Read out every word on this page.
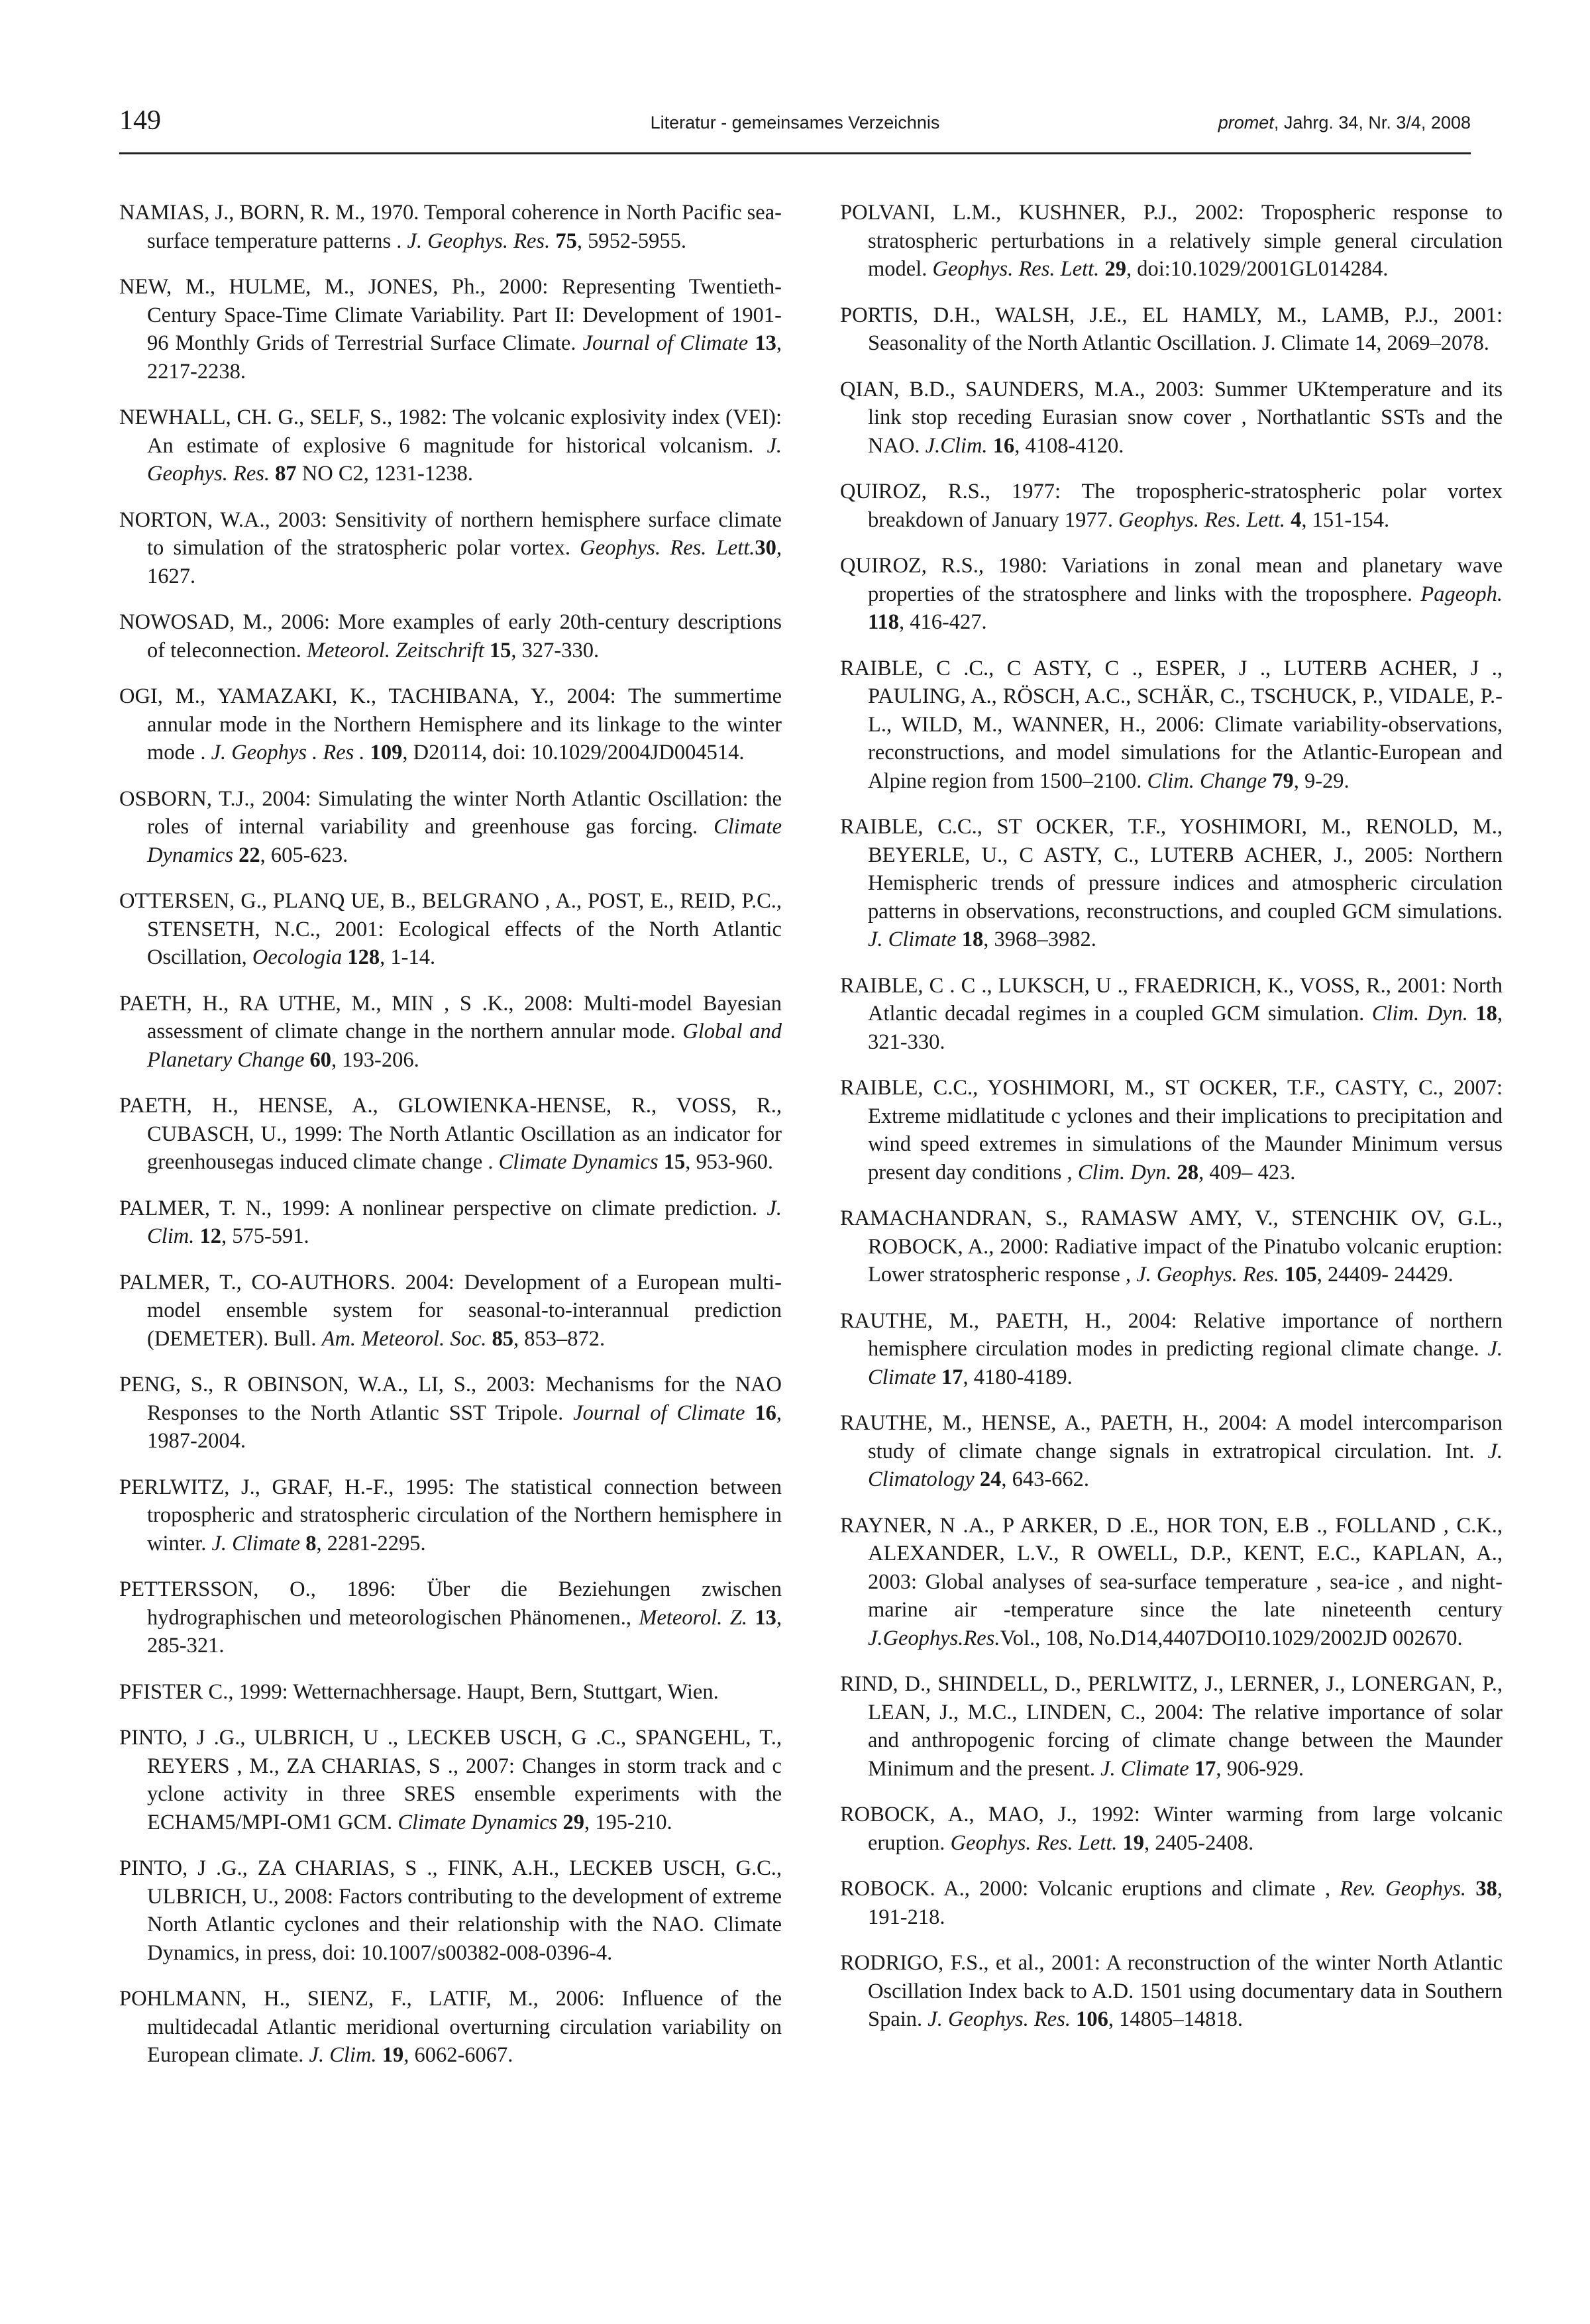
149	Literatur - gemeinsames Verzeichnis	promet, Jahrg. 34, Nr. 3/4, 2008

NAMIAS, J., BORN, R. M., 1970. Temporal coherence in North Pacific sea-surface temperature patterns . J. Geophys. Res. 75, 5952-5955.

NEW, M., HULME, M., JONES, Ph., 2000: Representing Twentieth-Century Space-Time Climate Variability. Part II: Development of 1901-96 Monthly Grids of Terrestrial Surface Climate. Journal of Climate 13, 2217-2238.

NEWHALL, CH. G., SELF, S., 1982: The volcanic explosivity index (VEI): An estimate of explosive 6 magnitude for historical volcanism. J. Geophys. Res. 87 NO C2, 1231-1238.

NORTON, W.A., 2003: Sensitivity of northern hemisphere surface climate to simulation of the stratospheric polar vortex. Geophys. Res. Lett.30, 1627.

NOWOSAD, M., 2006: More examples of early 20th-century descriptions of teleconnection. Meteorol. Zeitschrift 15, 327-330.

OGI, M., YAMAZAKI, K., TACHIBANA, Y., 2004: The summertime annular mode in the Northern Hemisphere and its linkage to the winter mode . J. Geophys . Res . 109, D20114, doi: 10.1029/2004JD004514.

OSBORN, T.J., 2004: Simulating the winter North Atlantic Oscillation: the roles of internal variability and greenhouse gas forcing. Climate Dynamics 22, 605-623.

OTTERSEN, G., PLANQ UE, B., BELGRANO , A., POST, E., REID, P.C., STENSETH, N.C., 2001: Ecological effects of the North Atlantic Oscillation, Oecologia 128, 1-14.

PAETH, H., RA UTHE, M., MIN , S .K., 2008: Multi-model Bayesian assessment of climate change in the northern annular mode. Global and Planetary Change 60, 193-206.

PAETH, H., HENSE, A., GLOWIENKA-HENSE, R., VOSS, R., CUBASCH, U., 1999: The North Atlantic Oscillation as an indicator for greenhousegas induced climate change . Climate Dynamics 15, 953-960.

PALMER, T. N., 1999: A nonlinear perspective on climate prediction. J. Clim. 12, 575-591.

PALMER, T., CO-AUTHORS. 2004: Development of a European multi-model ensemble system for seasonal-to-interannual prediction (DEMETER). Bull. Am. Meteorol. Soc. 85, 853–872.

PENG, S., R OBINSON, W.A., LI, S., 2003: Mechanisms for the NAO Responses to the North Atlantic SST Tripole. Journal of Climate 16, 1987-2004.

PERLWITZ, J., GRAF, H.-F., 1995: The statistical connection between tropospheric and stratospheric circulation of the Northern hemisphere in winter. J. Climate 8, 2281-2295.

PETTERSSON, O., 1896: Über die Beziehungen zwischen hydrographischen und meteorologischen Phänomenen., Meteorol. Z. 13, 285-321.

PFISTER C., 1999: Wetternachhersage. Haupt, Bern, Stuttgart, Wien.

PINTO, J .G., ULBRICH, U ., LECKEB USCH, G .C., SPANGEHL, T., REYERS , M., ZA CHARIAS, S ., 2007: Changes in storm track and c yclone activity in three SRES ensemble experiments with the ECHAM5/MPI-OM1 GCM. Climate Dynamics 29, 195-210.

PINTO, J .G., ZA CHARIAS, S ., FINK, A.H., LECKEB USCH, G.C., ULBRICH, U., 2008: Factors contributing to the development of extreme North Atlantic cyclones and their relationship with the NAO. Climate Dynamics, in press, doi: 10.1007/s00382-008-0396-4.

POHLMANN, H., SIENZ, F., LATIF, M., 2006: Influence of the multidecadal Atlantic meridional overturning circulation variability on European climate. J. Clim. 19, 6062-6067.

POLVANI, L.M., KUSHNER, P.J., 2002: Tropospheric response to stratospheric perturbations in a relatively simple general circulation model. Geophys. Res. Lett. 29, doi:10.1029/2001GL014284.

PORTIS, D.H., WALSH, J.E., EL HAMLY, M., LAMB, P.J., 2001: Seasonality of the North Atlantic Oscillation. J. Climate 14, 2069–2078.

QIAN, B.D., SAUNDERS, M.A., 2003: Summer UKtemperature and its link stop receding Eurasian snow cover , Northatlantic SSTs and the NAO. J.Clim. 16, 4108-4120.

QUIROZ, R.S., 1977: The tropospheric-stratospheric polar vortex breakdown of January 1977. Geophys. Res. Lett. 4, 151-154.

QUIROZ, R.S., 1980: Variations in zonal mean and planetary wave properties of the stratosphere and links with the troposphere. Pageoph. 118, 416-427.

RAIBLE, C .C., C ASTY, C ., ESPER, J ., LUTERB ACHER, J ., PAULING, A., RÖSCH, A.C., SCHÄR, C., TSCHUCK, P., VIDALE, P.-L., WILD, M., WANNER, H., 2006: Climate variability-observations, reconstructions, and model simulations for the Atlantic-European and Alpine region from 1500–2100. Clim. Change 79, 9-29.

RAIBLE, C.C., ST OCKER, T.F., YOSHIMORI, M., RENOLD, M., BEYERLE, U., C ASTY, C., LUTERB ACHER, J., 2005: Northern Hemispheric trends of pressure indices and atmospheric circulation patterns in observations, reconstructions, and coupled GCM simulations. J. Climate 18, 3968–3982.

RAIBLE, C . C ., LUKSCH, U ., FRAEDRICH, K., VOSS, R., 2001: North Atlantic decadal regimes in a coupled GCM simulation. Clim. Dyn. 18, 321-330.

RAIBLE, C.C., YOSHIMORI, M., ST OCKER, T.F., CASTY, C., 2007: Extreme midlatitude c yclones and their implications to precipitation and wind speed extremes in simulations of the Maunder Minimum versus present day conditions , Clim. Dyn. 28, 409– 423.

RAMACHANDRAN, S., RAMASW AMY, V., STENCHIK OV, G.L., ROBOCK, A., 2000: Radiative impact of the Pinatubo volcanic eruption: Lower stratospheric response , J. Geophys. Res. 105, 24409- 24429.

RAUTHE, M., PAETH, H., 2004: Relative importance of northern hemisphere circulation modes in predicting regional climate change. J. Climate 17, 4180-4189.

RAUTHE, M., HENSE, A., PAETH, H., 2004: A model intercomparison study of climate change signals in extratropical circulation. Int. J. Climatology 24, 643-662.

RAYNER, N .A., P ARKER, D .E., HOR TON, E.B ., FOLLAND , C.K., ALEXANDER, L.V., R OWELL, D.P., KENT, E.C., KAPLAN, A., 2003: Global analyses of sea-surface temperature , sea-ice , and night-marine air -temperature since the late nineteenth century J.Geophys.Res.Vol., 108, No.D14,4407DOI10.1029/2002JD 002670.

RIND, D., SHINDELL, D., PERLWITZ, J., LERNER, J., LONERGAN, P., LEAN, J., M.C., LINDEN, C., 2004: The relative importance of solar and anthropogenic forcing of climate change between the Maunder Minimum and the present. J. Climate 17, 906-929.

ROBOCK, A., MAO, J., 1992: Winter warming from large volcanic eruption. Geophys. Res. Lett. 19, 2405-2408.

ROBOCK. A., 2000: Volcanic eruptions and climate , Rev. Geophys. 38, 191-218.

RODRIGO, F.S., et al., 2001: A reconstruction of the winter North Atlantic Oscillation Index back to A.D. 1501 using documentary data in Southern Spain. J. Geophys. Res. 106, 14805–14818.
